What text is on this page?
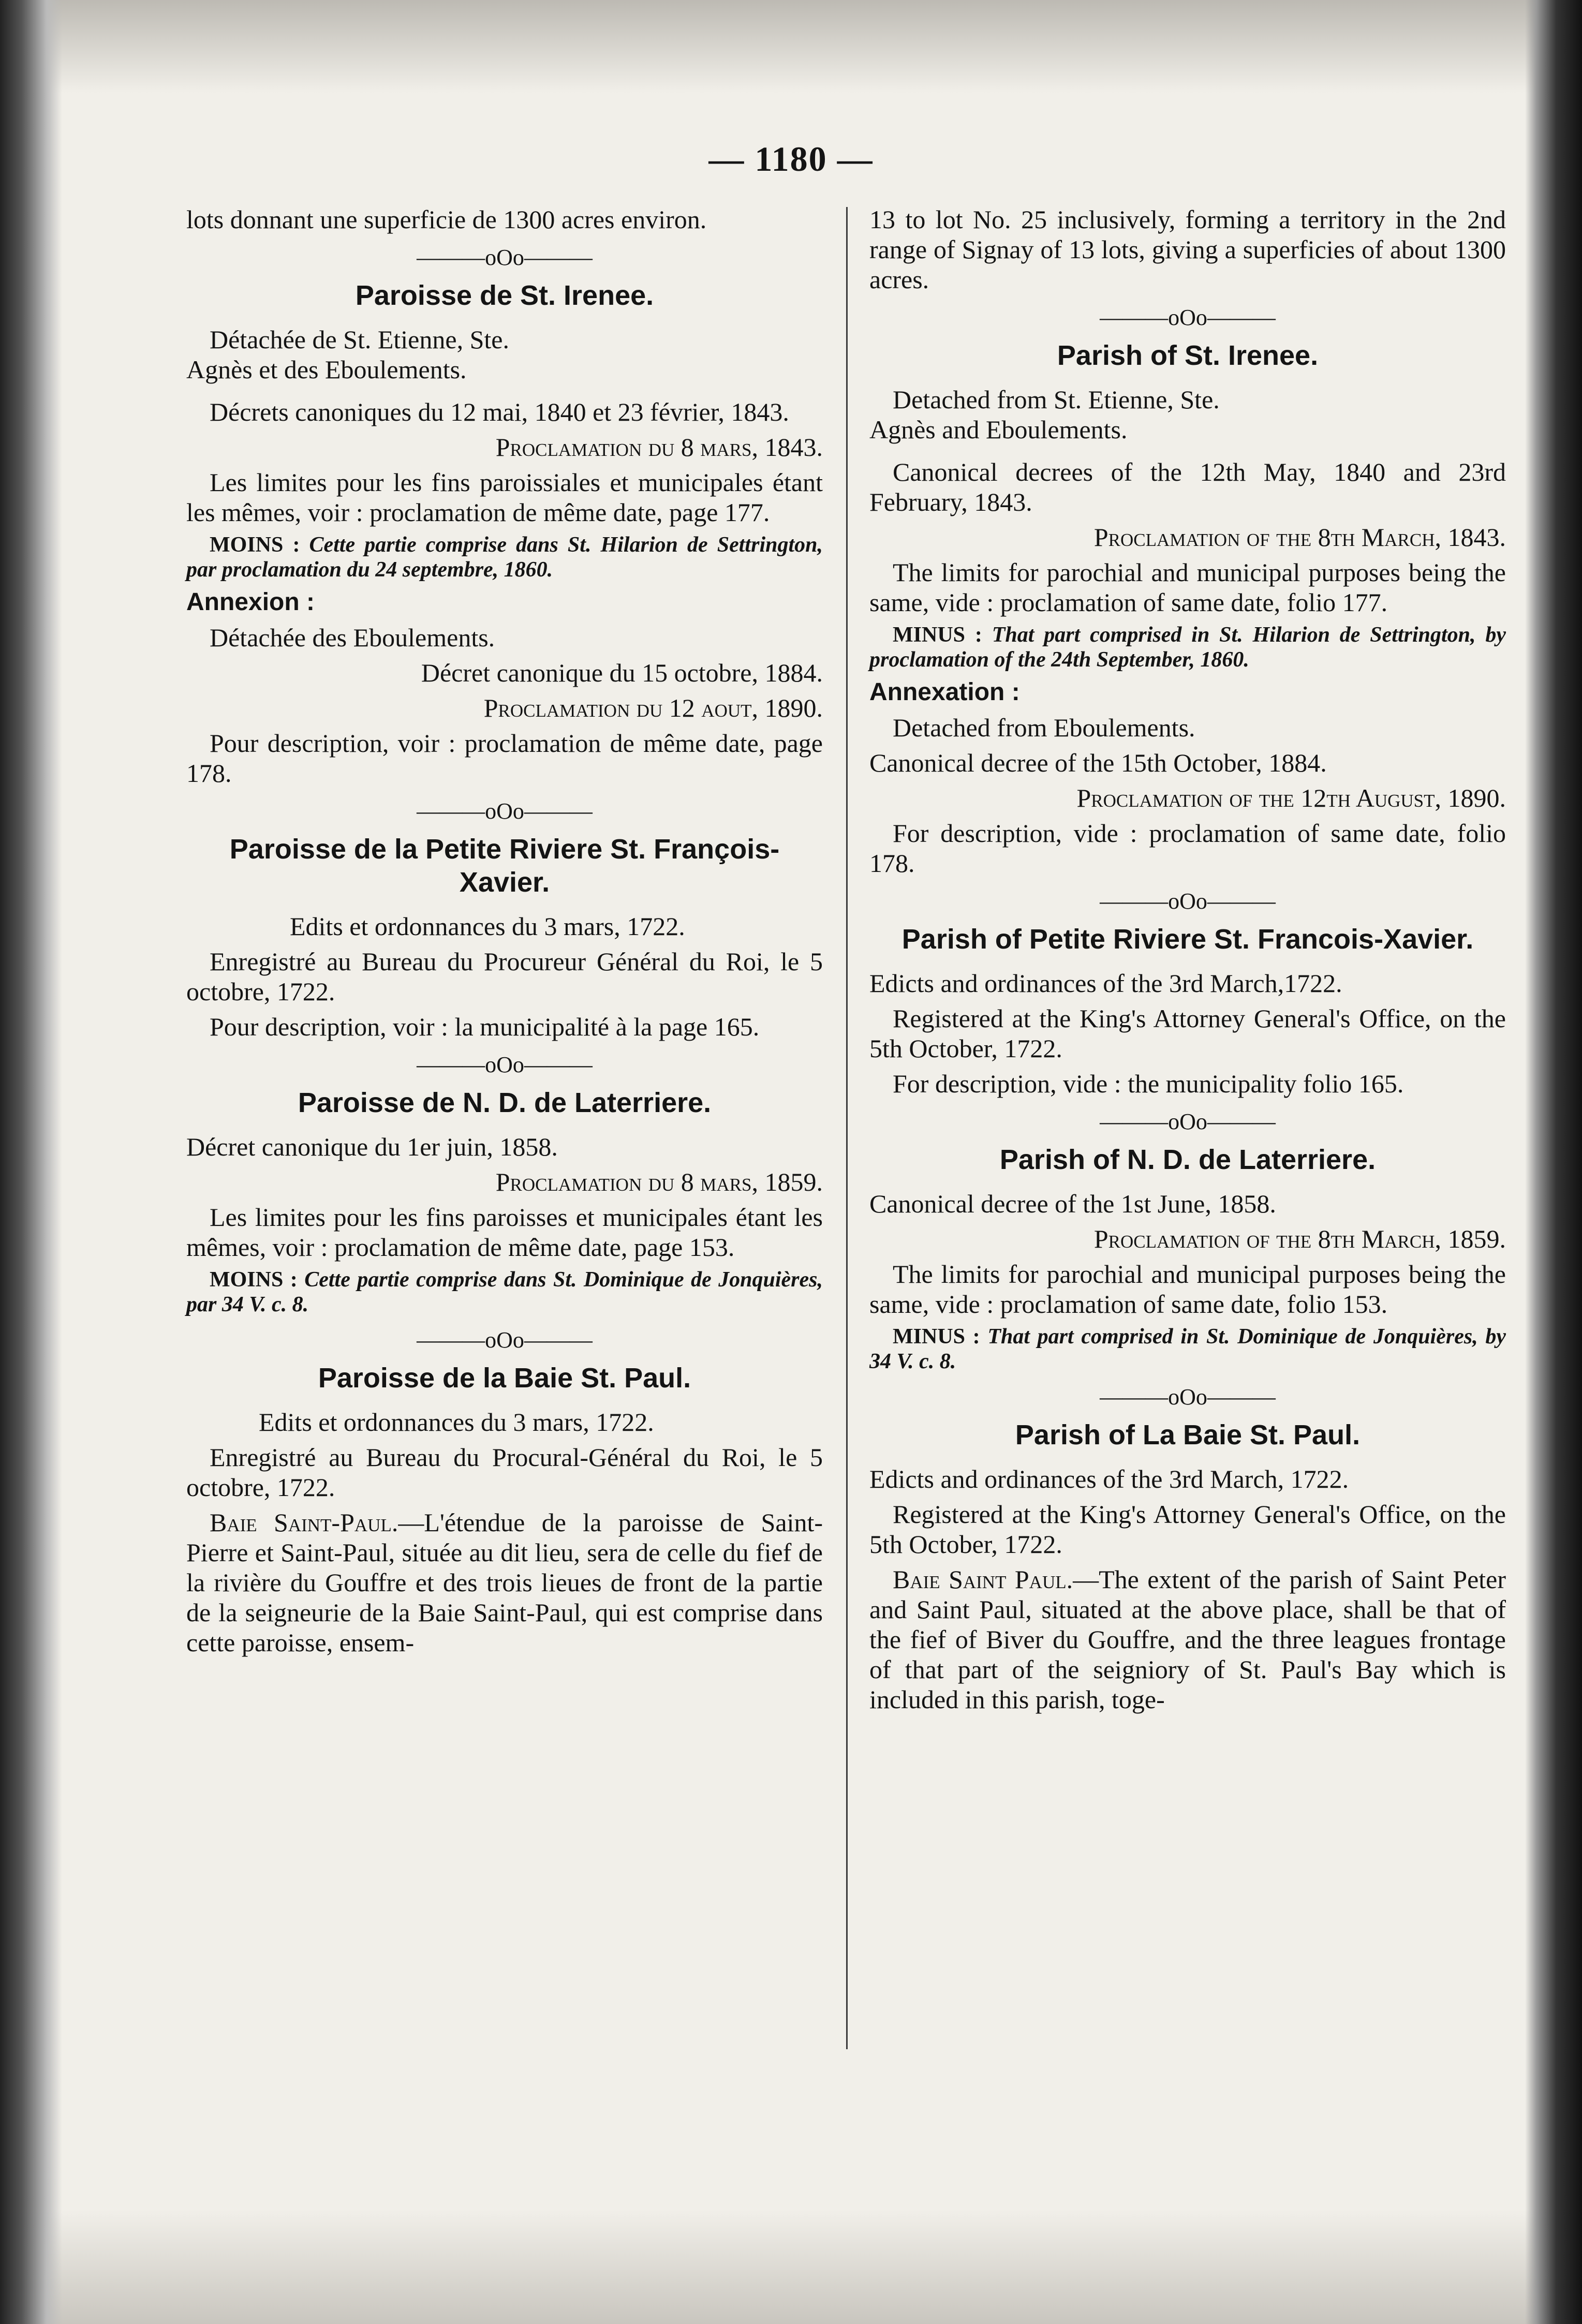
— 1180 —

lots donnant une superficie de 1300 acres environ.

———oOo———
Paroisse de St. Irenee.

Détachée de St. Etienne, Ste. Agnès et des Eboulements.

Décrets canoniques du 12 mai, 1840 et 23 février, 1843.

Proclamation du 8 mars, 1843.

Les limites pour les fins paroissiales et municipales étant les mêmes, voir : proclamation de même date, page 177.

MOINS : Cette partie comprise dans St. Hilarion de Settrington, par proclamation du 24 septembre, 1860.

Annexion :

Détachée des Eboulements.

Décret canonique du 15 octobre, 1884.

Proclamation du 12 aout, 1890.

Pour description, voir : proclamation de même date, page 178.

———oOo———
Paroisse de la Petite Riviere St. François-Xavier.

Edits et ordonnances du 3 mars, 1722.

Enregistré au Bureau du Procureur Général du Roi, le 5 octobre, 1722.

Pour description, voir : la municipalité à la page 165.

———oOo———
Paroisse de N. D. de Laterriere.

Décret canonique du 1er juin, 1858.

Proclamation du 8 mars, 1859.

Les limites pour les fins paroisses et municipales étant les mêmes, voir : proclamation de même date, page 153.

MOINS : Cette partie comprise dans St. Dominique de Jonquières, par 34 V. c. 8.

———oOo———
Paroisse de la Baie St. Paul.

Edits et ordonnances du 3 mars, 1722.

Enregistré au Bureau du Procural-Général du Roi, le 5 octobre, 1722.

Baie Saint-Paul.—L'étendue de la paroisse de Saint-Pierre et Saint-Paul, située au dit lieu, sera de celle du fief de la rivière du Gouffre et des trois lieues de front de la partie de la seigneurie de la Baie Saint-Paul, qui est comprise dans cette paroisse, ensem-

13 to lot No. 25 inclusively, forming a territory in the 2nd range of Signay of 13 lots, giving a superficies of about 1300 acres.

———oOo———
Parish of St. Irenee.

Detached from St. Etienne, Ste. Agnès and Eboulements.

Canonical decrees of the 12th May, 1840 and 23rd February, 1843.

Proclamation of the 8th March, 1843.

The limits for parochial and municipal purposes being the same, vide : proclamation of same date, folio 177.

MINUS : That part comprised in St. Hilarion de Settrington, by proclamation of the 24th September, 1860.

Annexation :

Detached from Eboulements.

Canonical decree of the 15th October, 1884.

Proclamation of the 12th August, 1890.

For description, vide : proclamation of same date, folio 178.

———oOo———
Parish of Petite Riviere St. Francois-Xavier.

Edicts and ordinances of the 3rd March,1722.

Registered at the King's Attorney General's Office, on the 5th October, 1722.

For description, vide : the municipality folio 165.

———oOo———
Parish of N. D. de Laterriere.

Canonical decree of the 1st June, 1858.

Proclamation of the 8th March, 1859.

The limits for parochial and municipal purposes being the same, vide : proclamation of same date, folio 153.

MINUS : That part comprised in St. Dominique de Jonquières, by 34 V. c. 8.

———oOo———
Parish of La Baie St. Paul.

Edicts and ordinances of the 3rd March, 1722.

Registered at the King's Attorney General's Office, on the 5th October, 1722.

Baie Saint Paul.—The extent of the parish of Saint Peter and Saint Paul, situated at the above place, shall be that of the fief of Biver du Gouffre, and the three leagues frontage of that part of the seigniory of St. Paul's Bay which is included in this parish, toge-
